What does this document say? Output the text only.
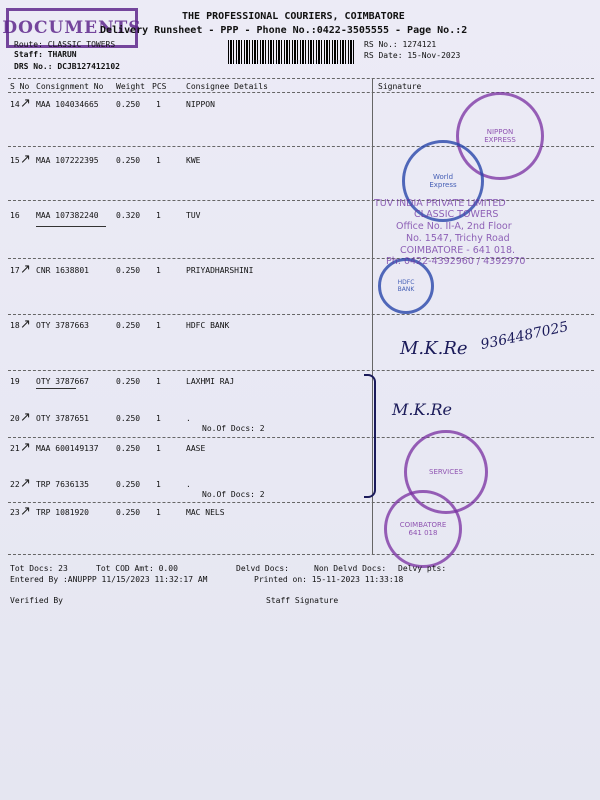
DOCUMENTS
THE PROFESSIONAL COURIERS, COIMBATORE
Delivery Runsheet - PPP - Phone No.:0422-3505555 - Page No.:2
Route: CLASSIC TOWERS
Staff: THARUN
DRS No.: DCJB127412102
RS No.: 1274121
RS Date: 15-Nov-2023
S No Consignment No Weight PCS Consignee Details	Signature
14 MAA 104034665 0.250 1	NIPPON
15 MAA 107222395 0.250 1	KWE
16 MAA 107382240 0.320 1	TUV
17 CNR 1638801	0.250 1	PRIYADHARSHINI
18 OTY 3787663	0.250 1	HDFC BANK
19 OTY 3787667	0.250 1	LAXHMI RAJ
20 OTY 3787651	0.250 1	.
No.Of Docs: 2
21 MAA 600149137 0.250 1	AASE
22 TRP 7636135	0.250 1	.
No.Of Docs: 2
23 TRP 1081920	0.250 1	MAC NELS
↗
↗
↗
↗
↗
↗
↗
↗
NIPPON
EXPRESS
World
Express
HDFC
BANK
SERVICES
COIMBATORE
641 018
TUV INDIA PRIVATE LIMITED
CLASSIC TOWERS
Office No. II-A, 2nd Floor
No. 1547, Trichy Road
COIMBATORE - 641 018.
Ph: 0422-4392960 / 4392970
M.K.Re 9364487025
M.K.Re
Tot Docs: 23	Tot COD Amt: 0.00	Delvd Docs:	Non Delvd Docs: Delvy pts:
Entered By :ANUPPP 11/15/2023 11:32:17 AM	Printed on: 15-11-2023 11:33:18
Verified By	Staff Signature
